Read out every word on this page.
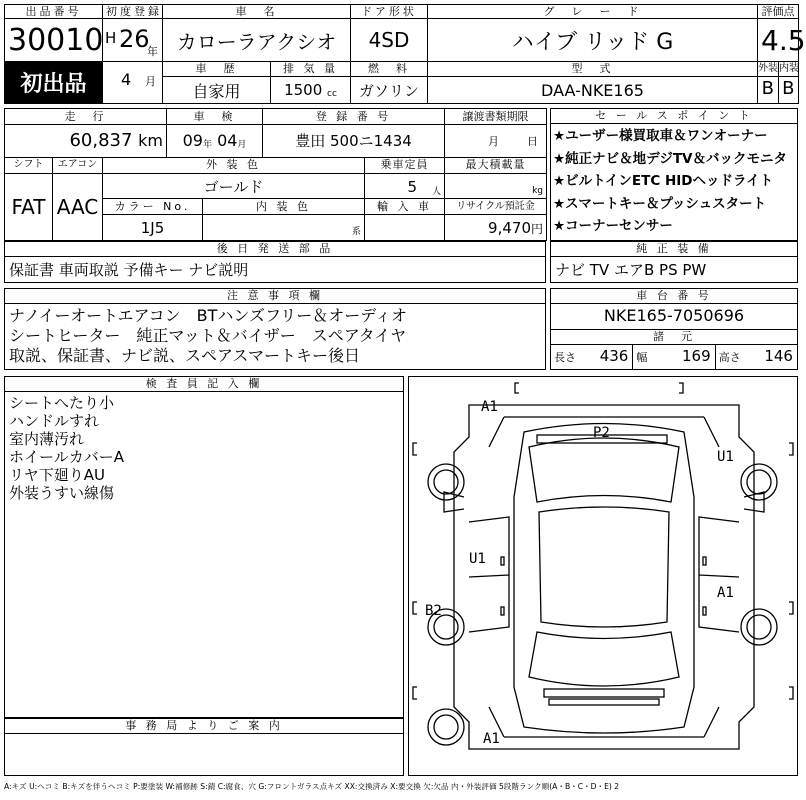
出品番号	初度登録	車　名		ドア形状	グ　レ　ー　ド	評価点
30010	H 26
年	カローラアクシオ		4SD	ハイブ リッド G	4.5
初出品	4 月	車　歴	排 気 量	燃　料	型　式	外装 内装

		自家用	1500 cc	ガソリン	DAA-NKE165	B B
走　行			車　検		登 録 番 号		譲渡書類期限
60,837 km			09年 04月		豊田 500ニ1434		月 日
シフト	エアコン	外 装 色				乗車定員	最大積載量
FAT	AAC	ゴールド				5　 人	kg
		カラー No.		内 装 色		輸 入 車	リサイクル預託金
		1J5		系			9,470円
セ ー ル ス ポ イ ン ト
★ユーザー様買取車＆ワンオーナー
★純正ナビ＆地デジTV＆バックモニタ
★ビルトインETC HIDヘッドライト
★スマートキー＆プッシュスタート
★コーナーセンサー
後 日 発 送 部 品
保証書 車両取説 予備キー ナビ説明
純 正 装 備
ナビ TV エアB PS PW
注 意 事 項 欄
ナノイーオートエアコン　BTハンズフリー＆オーディオ
シートヒーター　純正マット＆バイザー　スペアタイヤ
取説、保証書、ナビ説、スペアスマートキー後日
車 台 番 号
NKE165-7050696
諸　元
長さ 436 幅 169 高さ 146
検 査 員 記 入 欄
シートへたり小
ハンドルすれ
室内薄汚れ
ホイールカバーA
リヤ下廻りAU
外装うすい線傷
事 務 局 よ り ご 案 内
A1
P2
U1
U1
A1
B2
A1
A:キズ U:ヘコミ B:キズを伴うヘコミ P:要塗装 W:補修跡 S:錆 C:腐食、穴 G:フロントガラス点キズ XX:交換済み X:要交換 欠:欠品 内・外装評価 5段階ランク順(A・B・C・D・E) 2
